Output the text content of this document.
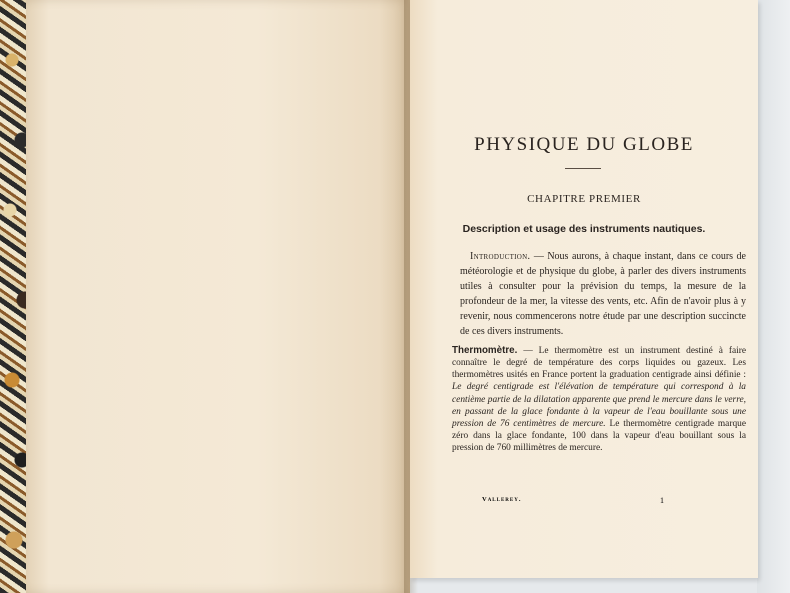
PHYSIQUE DU GLOBE
CHAPITRE PREMIER
Description et usage des instruments nautiques.

 Introduction. — Nous aurons, à chaque instant, dans ce cours de météorologie et de physique du globe, à parler des divers instruments utiles à consulter pour la prévision du temps, la mesure de la profondeur de la mer, la vitesse des vents, etc. Afin de n'avoir plus à y revenir, nous commencerons notre étude par une description succincte de ces divers instruments.

Thermomètre. — Le thermomètre est un instrument destiné à faire connaître le degré de température des corps liquides ou gazeux. Les thermomètres usités en France portent la graduation centigrade ainsi définie : Le degré centigrade est l'élévation de température qui correspond à la centième partie de la dilatation apparente que prend le mercure dans le verre, en passant de la glace fondante à la vapeur de l'eau bouillante sous une pression de 76 centimètres de mercure. Le thermomètre centigrade marque zéro dans la glace fondante, 100 dans la vapeur d'eau bouillant sous la pression de 760 millimètres de mercure.

Vallerey.	1
